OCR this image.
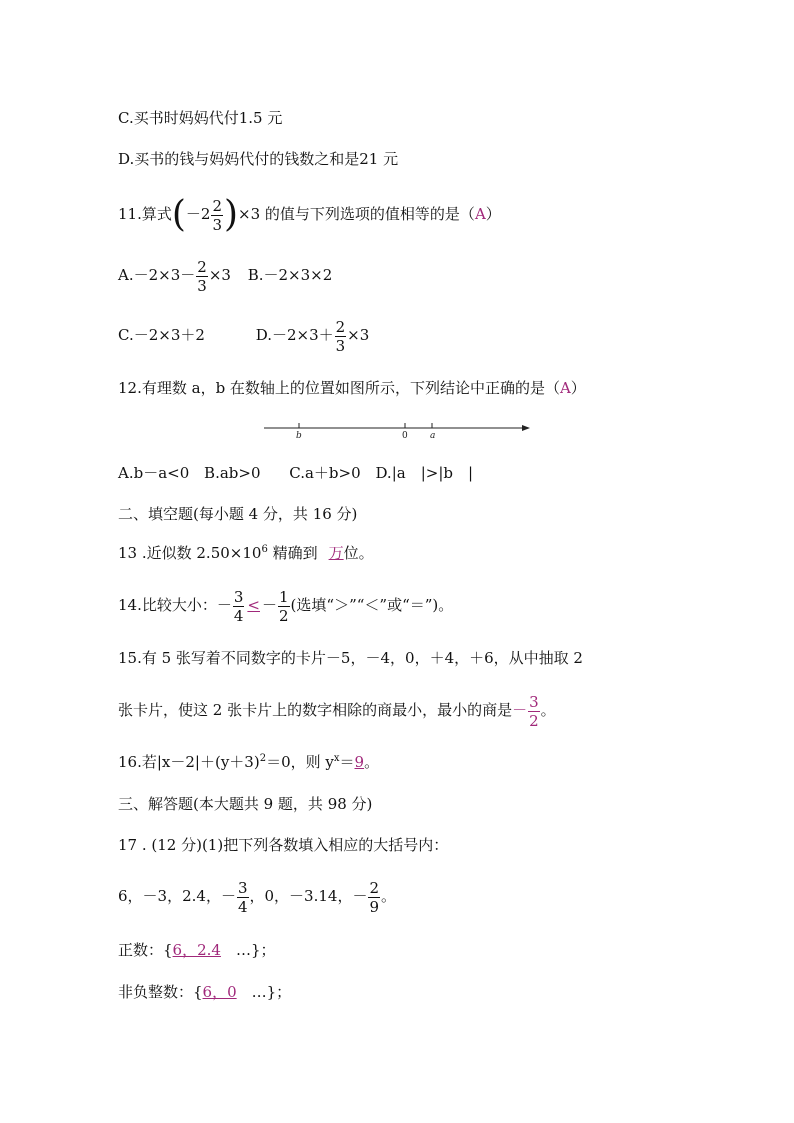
C.买书时妈妈代付1.5 元
D.买书的钱与妈妈代付的钱数之和是21 元
11.算式$(-2 \frac{2}{3} )\times 3$ 的值与下列选项的值相等的是（A）
$A.-2\times 3- \frac{2}{3} \times 3$ B.－2×3×2
C.－2×3＋2	$D.-2\times 3+ \frac{2}{3} \times 3$
12.有理数 a，b 在数轴上的位置如图所示，下列结论中正确的是（A）
b	0 a
A.b－a<0 B.ab>0 C.a＋b>0 D.|a　|>|b　|
二、填空题(每小题 4 分，共 16 分)
13 .近似数 $2.50\times 10^6$ 精确到 万位。
14.比较大小：－ $\frac{3}{4}$ < － $\frac{1}{2}$ (选填“＞”“＜”或“＝”)。
15.有 5 张写着不同数字的卡片－5，－4，0，＋4，＋6，从中抽取 2
张卡片，使这 2 张卡片上的数字相除的商最小，最小的商是－ $\frac{3}{2}$ 。
16.若$|x-2|+(y+3)^2=0$，则 $y^x=9$。
三、解答题(本大题共 9 题，共 98 分)
17 . (12 分)(1)把下列各数填入相应的大括号内：
6，－3，2.4，－ $\frac{3}{4}$ ，0，－3.14，－ $\frac{2}{9}$ 。
正数：{6，2.4　…}；
非负整数：{6，0　…}；
